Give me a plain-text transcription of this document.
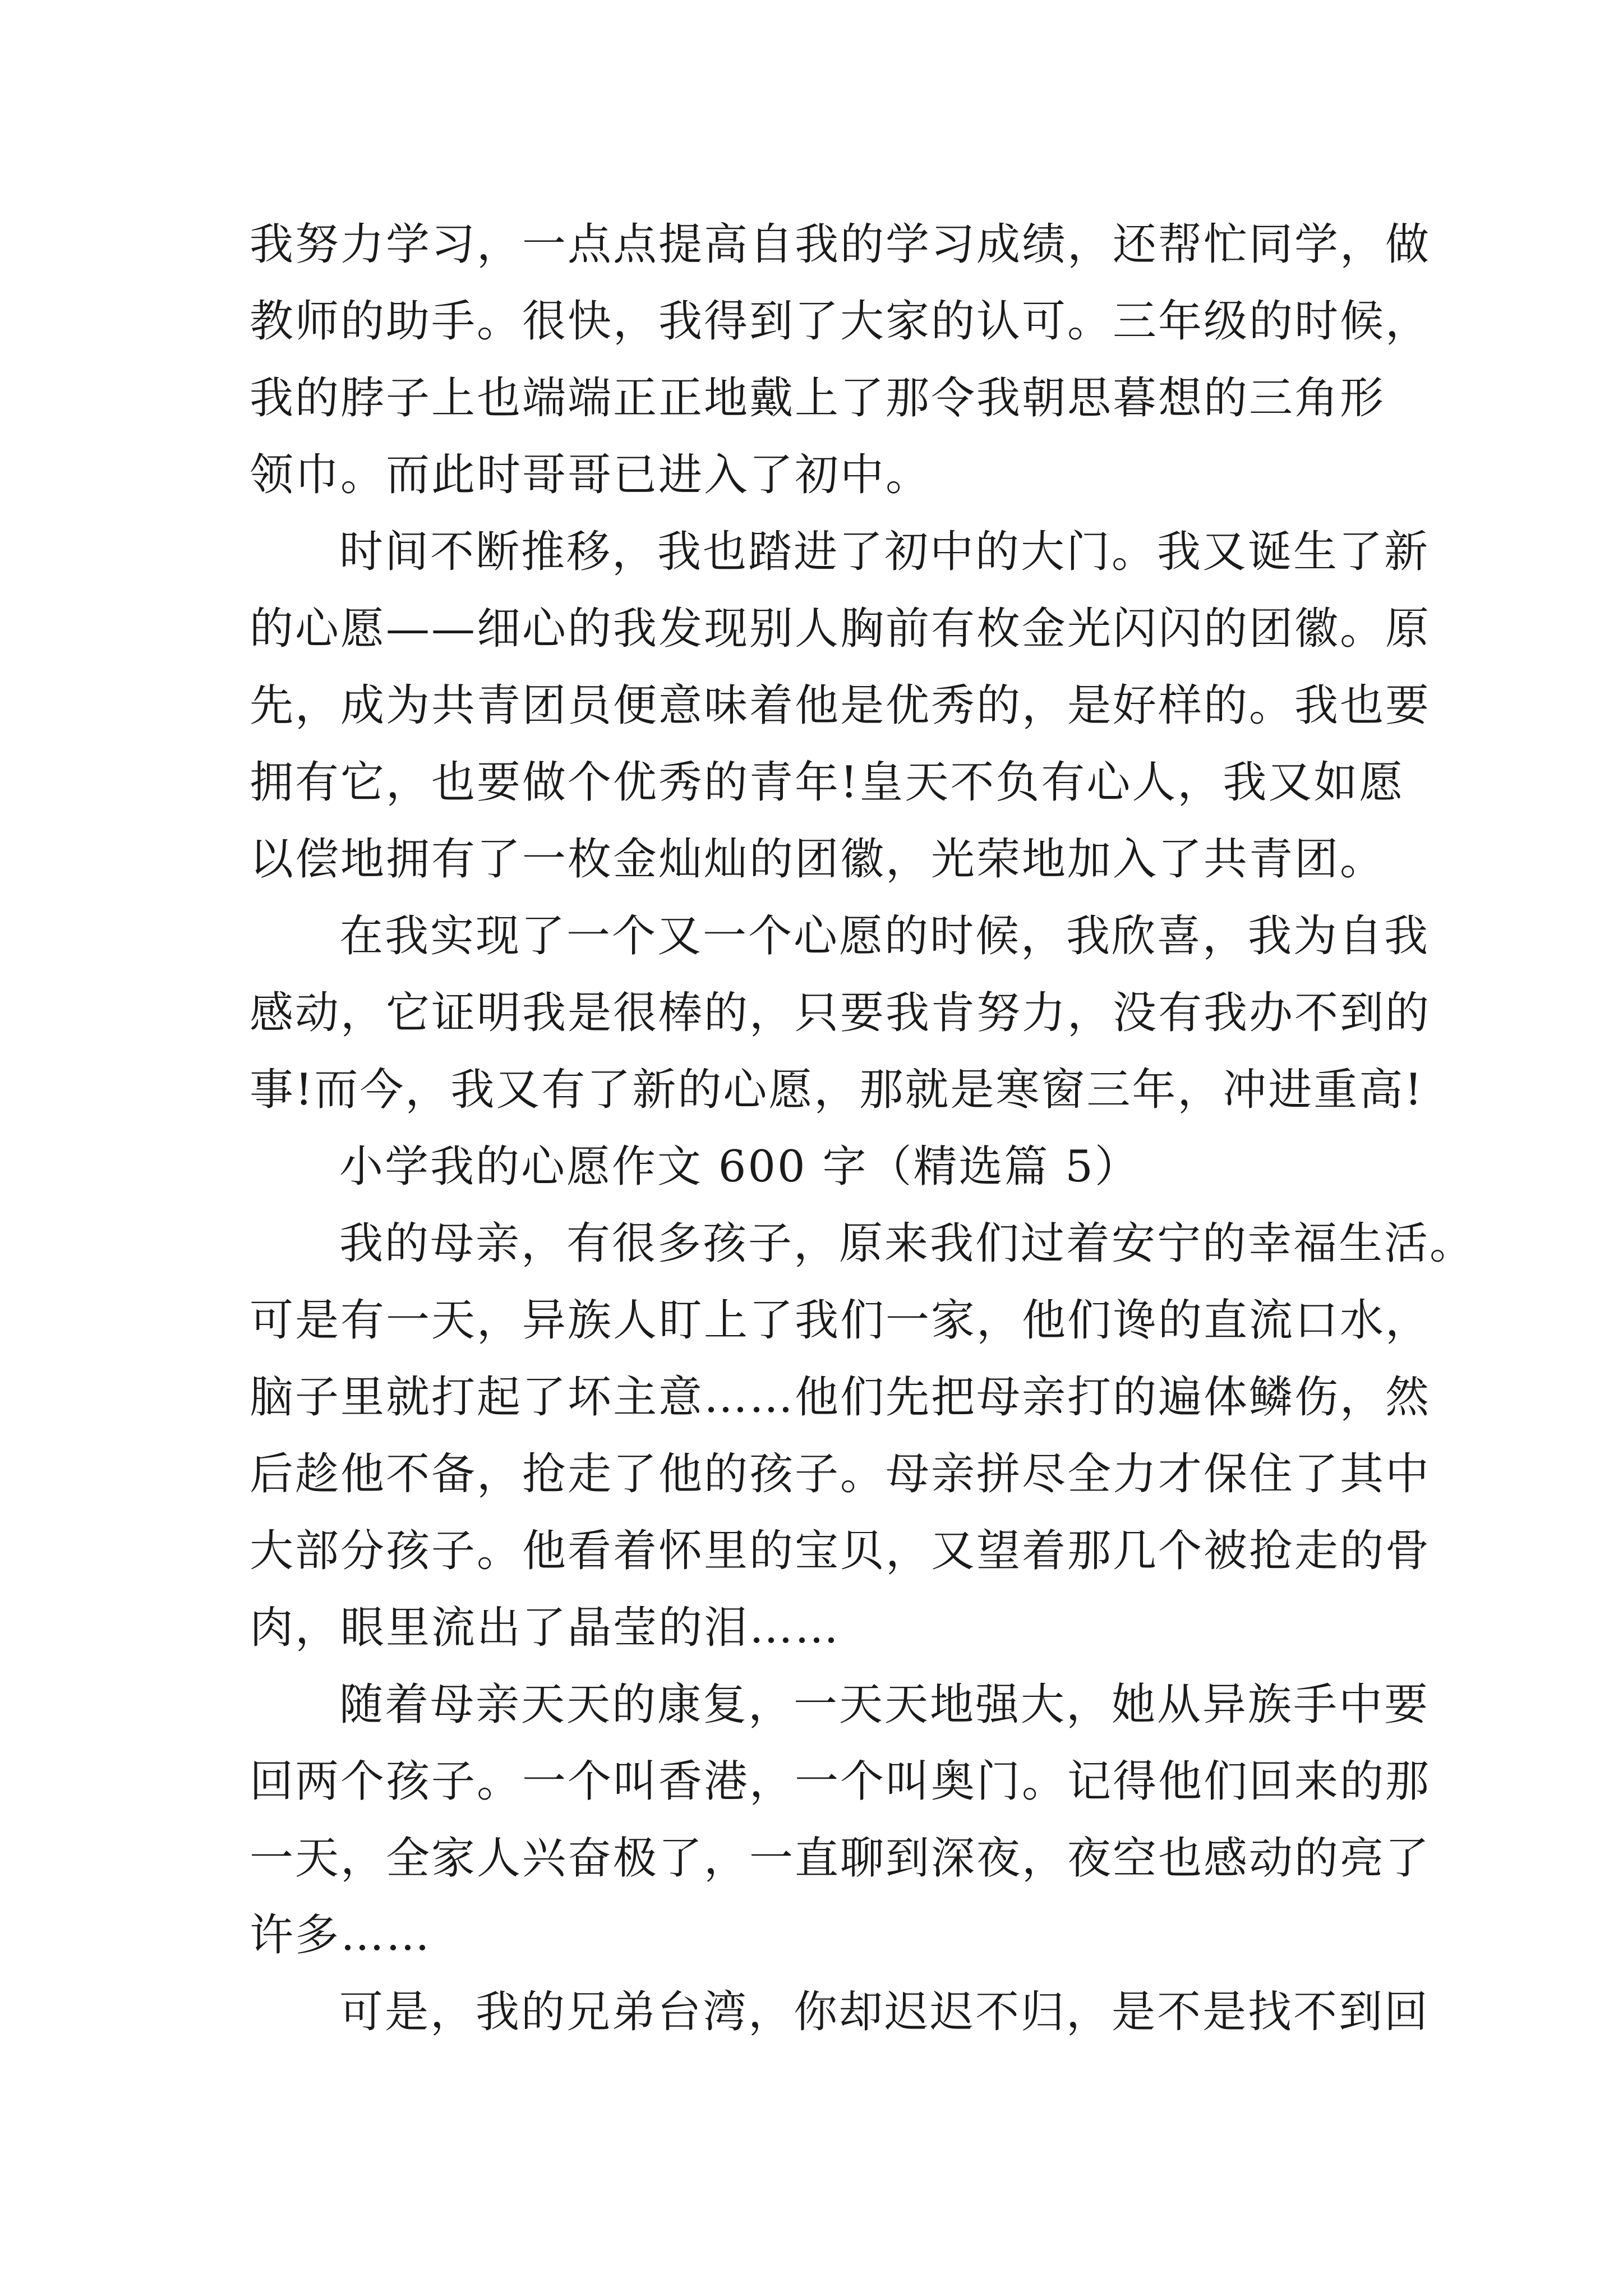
我努力学习，一点点提高自我的学习成绩，还帮忙同学，做
教师的助手。很快，我得到了大家的认可。三年级的时候，
我的脖子上也端端正正地戴上了那令我朝思暮想的三角形
领巾。而此时哥哥已进入了初中。
时间不断推移，我也踏进了初中的大门。我又诞生了新
的心愿——细心的我发现别人胸前有枚金光闪闪的团徽。原
先，成为共青团员便意味着他是优秀的，是好样的。我也要
拥有它，也要做个优秀的青年!皇天不负有心人，我又如愿
以偿地拥有了一枚金灿灿的团徽，光荣地加入了共青团。
在我实现了一个又一个心愿的时候，我欣喜，我为自我
感动，它证明我是很棒的，只要我肯努力，没有我办不到的
事!而今，我又有了新的心愿，那就是寒窗三年，冲进重高!
小学我的心愿作文 600 字（精选篇 5）
我的母亲，有很多孩子，原来我们过着安宁的幸福生活。
可是有一天，异族人盯上了我们一家，他们谗的直流口水，
脑子里就打起了坏主意……他们先把母亲打的遍体鳞伤，然
后趁他不备，抢走了他的孩子。母亲拼尽全力才保住了其中
大部分孩子。他看着怀里的宝贝，又望着那几个被抢走的骨
肉，眼里流出了晶莹的泪……
随着母亲天天的康复，一天天地强大，她从异族手中要
回两个孩子。一个叫香港，一个叫奥门。记得他们回来的那
一天，全家人兴奋极了，一直聊到深夜，夜空也感动的亮了
许多……
可是，我的兄弟台湾，你却迟迟不归，是不是找不到回
